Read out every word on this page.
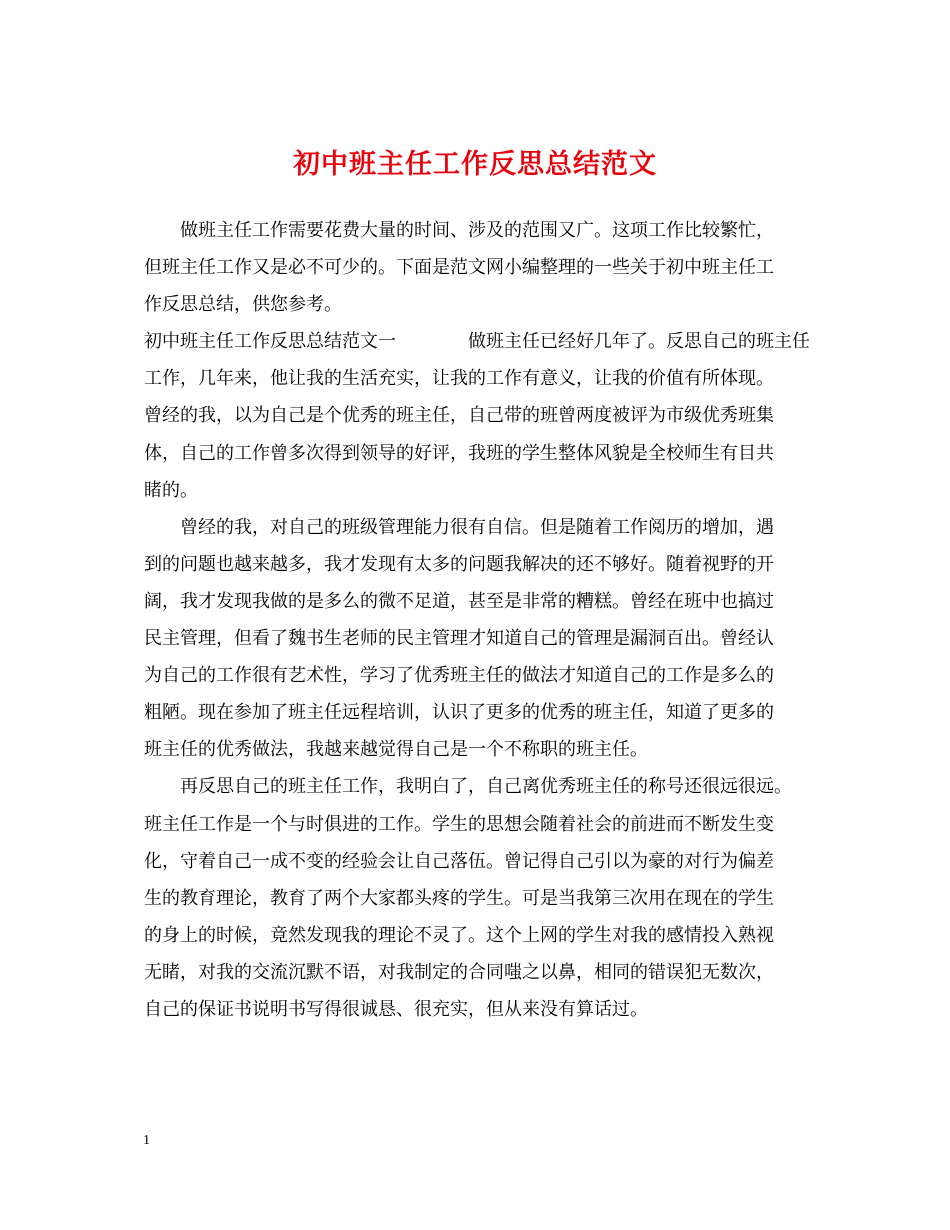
初中班主任工作反思总结范文
做班主任工作需要花费大量的时间、涉及的范围又广。这项工作比较繁忙，
但班主任工作又是必不可少的。下面是范文网小编整理的一些关于初中班主任工
作反思总结，供您参考。
初中班主任工作反思总结范文一	做班主任已经好几年了。反思自己的班主任
工作，几年来，他让我的生活充实，让我的工作有意义，让我的价值有所体现。
曾经的我，以为自己是个优秀的班主任，自己带的班曾两度被评为市级优秀班集
体，自己的工作曾多次得到领导的好评，我班的学生整体风貌是全校师生有目共
睹的。
曾经的我，对自己的班级管理能力很有自信。但是随着工作阅历的增加，遇
到的问题也越来越多，我才发现有太多的问题我解决的还不够好。随着视野的开
阔，我才发现我做的是多么的微不足道，甚至是非常的糟糕。曾经在班中也搞过
民主管理，但看了魏书生老师的民主管理才知道自己的管理是漏洞百出。曾经认
为自己的工作很有艺术性，学习了优秀班主任的做法才知道自己的工作是多么的
粗陋。现在参加了班主任远程培训，认识了更多的优秀的班主任，知道了更多的
班主任的优秀做法，我越来越觉得自己是一个不称职的班主任。
再反思自己的班主任工作，我明白了，自己离优秀班主任的称号还很远很远。
班主任工作是一个与时俱进的工作。学生的思想会随着社会的前进而不断发生变
化，守着自己一成不变的经验会让自己落伍。曾记得自己引以为豪的对行为偏差
生的教育理论，教育了两个大家都头疼的学生。可是当我第三次用在现在的学生
的身上的时候，竟然发现我的理论不灵了。这个上网的学生对我的感情投入熟视
无睹，对我的交流沉默不语，对我制定的合同嗤之以鼻，相同的错误犯无数次，
自己的保证书说明书写得很诚恳、很充实，但从来没有算话过。
1
